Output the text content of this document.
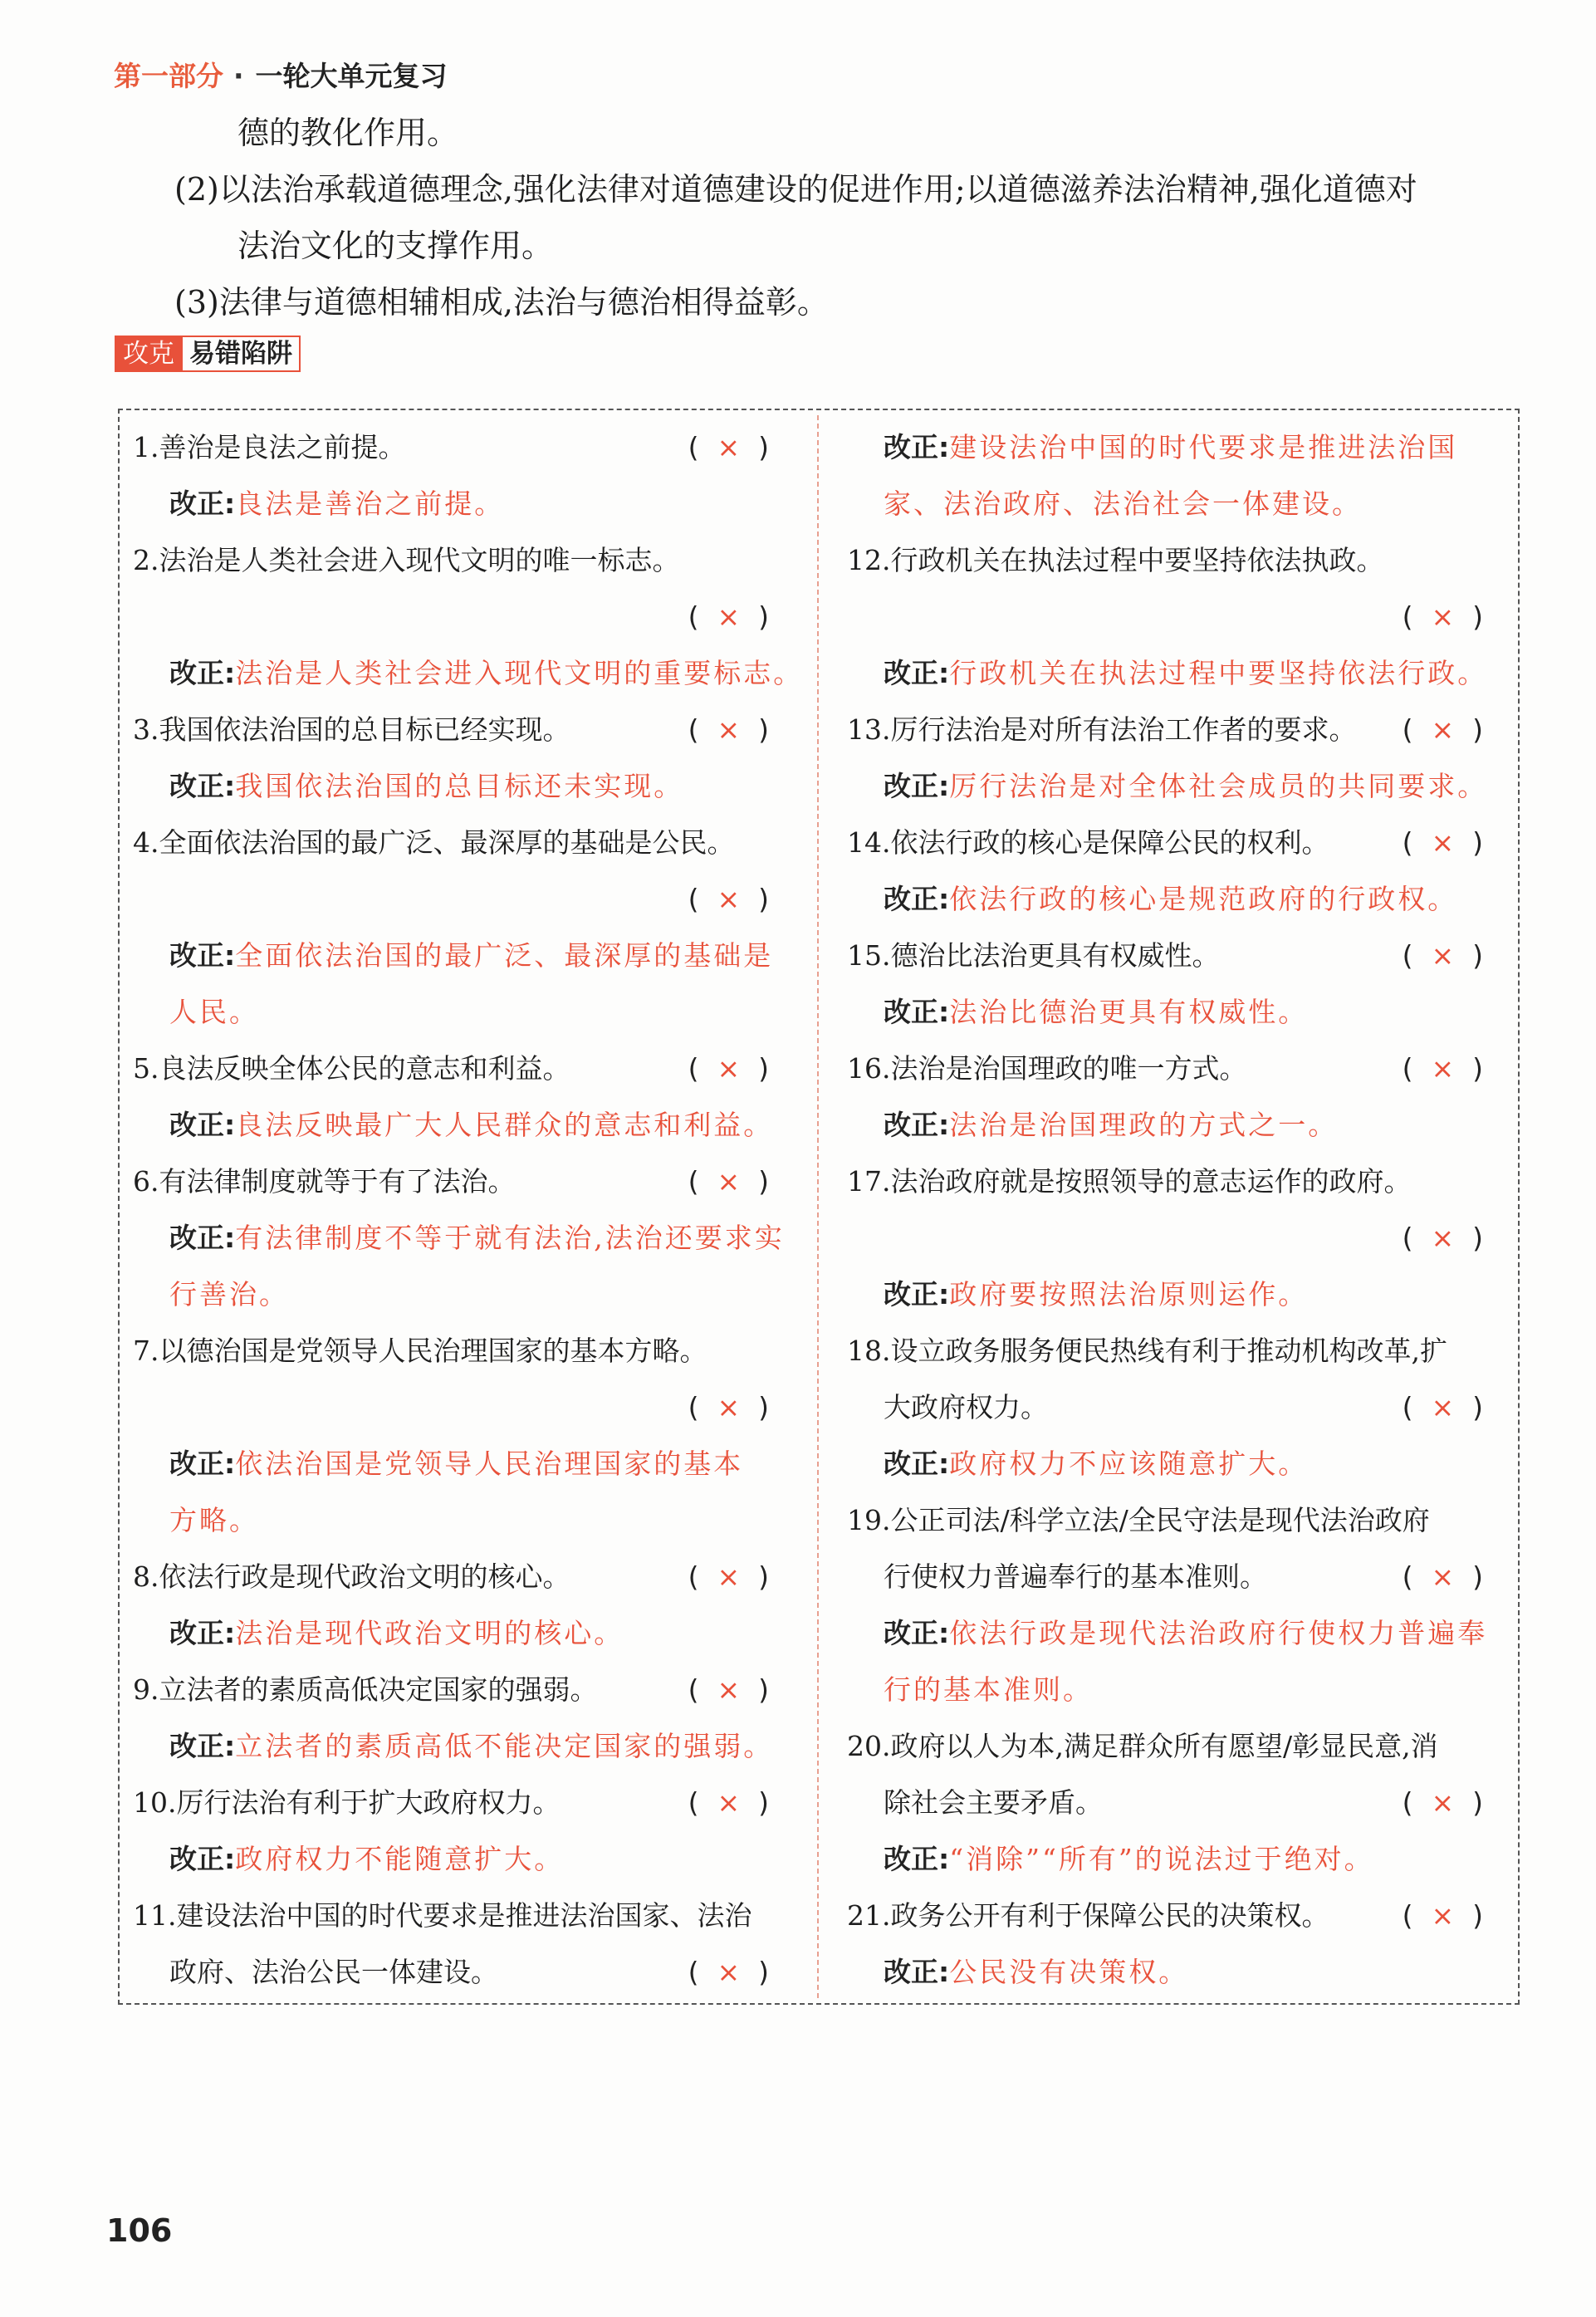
第一部分 · 一轮大单元复习

德的教化作用。

(2)以法治承载道德理念,强化法律对道德建设的促进作用;以道德滋养法治精神,强化道德对

法治文化的支撑作用。

(3)法律与道德相辅相成,法治与德治相得益彰。

攻克 易错陷阱
1.善治是良法之前提。	(×)
改正:良法是善治之前提。
2.法治是人类社会进入现代文明的唯一标志。
(×)
改正:法治是人类社会进入现代文明的重要标志。
3.我国依法治国的总目标已经实现。	(×)
改正:我国依法治国的总目标还未实现。
4.全面依法治国的最广泛、最深厚的基础是公民。
(×)
改正:全面依法治国的最广泛、最深厚的基础是
人民。
5.良法反映全体公民的意志和利益。	(×)
改正:良法反映最广大人民群众的意志和利益。
6.有法律制度就等于有了法治。	(×)
改正:有法律制度不等于就有法治,法治还要求实
行善治。
7.以德治国是党领导人民治理国家的基本方略。
(×)
改正:依法治国是党领导人民治理国家的基本
方略。
8.依法行政是现代政治文明的核心。	(×)
改正:法治是现代政治文明的核心。
9.立法者的素质高低决定国家的强弱。	(×)
改正:立法者的素质高低不能决定国家的强弱。
10.厉行法治有利于扩大政府权力。	(×)
改正:政府权力不能随意扩大。
11.建设法治中国的时代要求是推进法治国家、法治
政府、法治公民一体建设。	(×)
改正:建设法治中国的时代要求是推进法治国
家、法治政府、法治社会一体建设。
12.行政机关在执法过程中要坚持依法执政。
(×)
改正:行政机关在执法过程中要坚持依法行政。
13.厉行法治是对所有法治工作者的要求。 (×)
改正:厉行法治是对全体社会成员的共同要求。
14.依法行政的核心是保障公民的权利。	(×)
改正:依法行政的核心是规范政府的行政权。
15.德治比法治更具有权威性。	(×)
改正:法治比德治更具有权威性。
16.法治是治国理政的唯一方式。	(×)
改正:法治是治国理政的方式之一。
17.法治政府就是按照领导的意志运作的政府。
(×)
改正:政府要按照法治原则运作。
18.设立政务服务便民热线有利于推动机构改革,扩
大政府权力。	(×)
改正:政府权力不应该随意扩大。
19.公正司法/科学立法/全民守法是现代法治政府
行使权力普遍奉行的基本准则。	(×)
改正:依法行政是现代法治政府行使权力普遍奉
行的基本准则。
20.政府以人为本,满足群众所有愿望/彰显民意,消
除社会主要矛盾。	(×)
改正:“消除”“所有”的说法过于绝对。
21.政务公开有利于保障公民的决策权。	(×)
改正:公民没有决策权。
106
